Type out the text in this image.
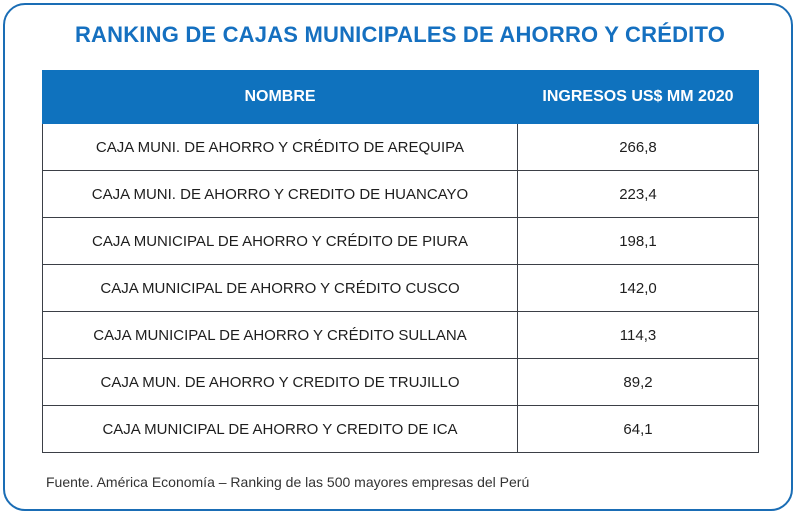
RANKING DE CAJAS MUNICIPALES DE AHORRO Y CRÉDITO
NOMBRE	INGRESOS US$ MM 2020
CAJA MUNI. DE AHORRO Y CRÉDITO DE AREQUIPA	266,8
CAJA MUNI. DE AHORRO Y CREDITO DE HUANCAYO	223,4
CAJA MUNICIPAL DE AHORRO Y CRÉDITO DE PIURA	198,1
CAJA MUNICIPAL DE AHORRO Y CRÉDITO CUSCO	142,0
CAJA MUNICIPAL DE AHORRO Y CRÉDITO SULLANA	114,3
CAJA MUN. DE AHORRO Y CREDITO DE TRUJILLO	89,2
CAJA MUNICIPAL DE AHORRO Y CREDITO DE ICA	64,1

Fuente. América Economía – Ranking de las 500 mayores empresas del Perú
